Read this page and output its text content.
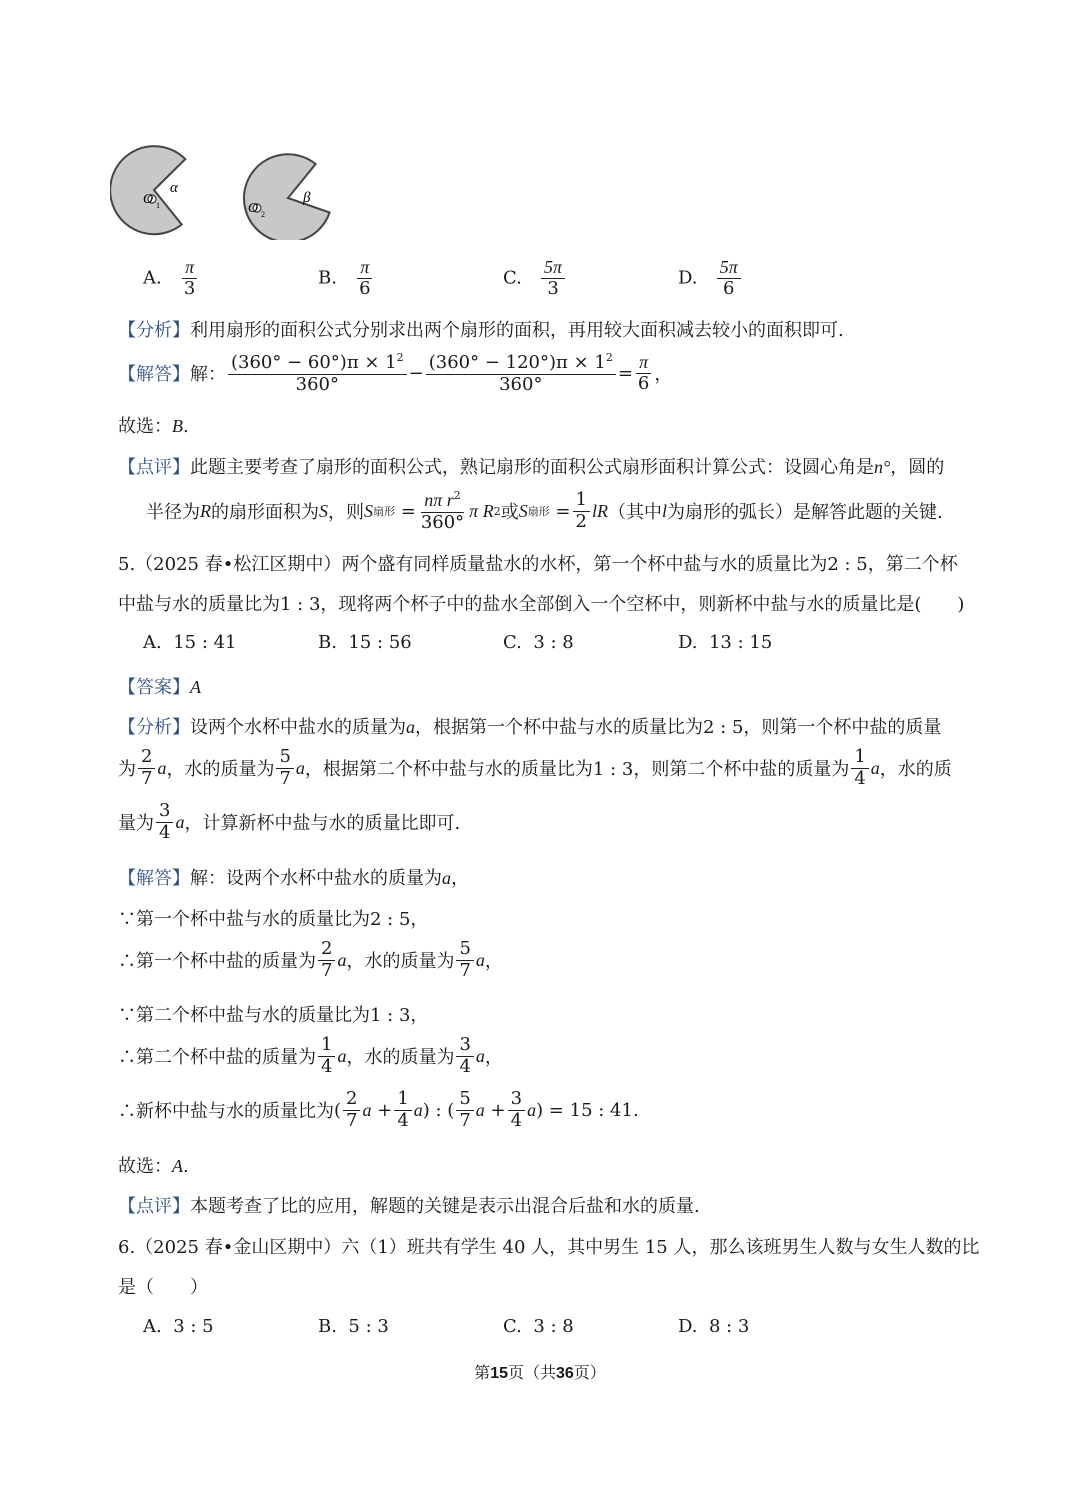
O
O
1
2
α
β
A. $\frac{\pi}{3}$	B. $\frac{\pi}{6}$	C. $\frac{5\pi}{3}$	D. $\frac{5\pi}{6}$
【分析】利用扇形的面积公式分别求出两个扇形的面积，再用较大面积减去较小的面积即可.
【解答】 解： $\frac{(360^\circ - 60^\circ)\pi \times 1^2}{360^\circ} - \frac{(360^\circ - 120^\circ)\pi \times 1^2}{360^\circ} = \frac{\pi}{6}$ ，
故选：B.
【点评】此题主要考查了扇形的面积公式，熟记扇形的面积公式扇形面积计算公式：设圆心角是n°，圆的
半径为 R 的扇形面积为 S ，则 S 扇形 = $\frac{n\pi r^2}{360^\circ}$ π R 2 或 S 扇形 = $\frac{1}{2}$ lR （其中 l 为扇形的弧长）是解答此题的关键.
5.（2025 春•松江区期中）两个盛有同样质量盐水的水杯，第一个杯中盐与水的质量比为2 : 5，第二个杯
中盐与水的质量比为1 : 3，现将两个杯子中的盐水全部倒入一个空杯中，则新杯中盐与水的质量比是(　　)
A. 15 : 41	B. 15 : 56	C. 3 : 8	D. 13 : 15
【答案】A
【分析】设两个水杯中盐水的质量为a，根据第一个杯中盐与水的质量比为2 : 5，则第一个杯中盐的质量
为 $\frac{2}{7}$ a ，水的质量为 $\frac{5}{7}$ a ，根据第二个杯中盐与水的质量比为1 : 3，则第二个杯中盐的质量为 $\frac{1}{4}$ a ，水的质
量为 $\frac{3}{4}$ a ，计算新杯中盐与水的质量比即可.
【解答】解：设两个水杯中盐水的质量为a，
∵第一个杯中盐与水的质量比为2 : 5，
∴第一个杯中盐的质量为 $\frac{2}{7}$ a ，水的质量为 $\frac{5}{7}$ a ，
∵第二个杯中盐与水的质量比为1 : 3，
∴第二个杯中盐的质量为 $\frac{1}{4}$ a ，水的质量为 $\frac{3}{4}$ a ，
∴新杯中盐与水的质量比为 ( $\frac{2}{7}$ a
+ $\frac{1}{4}$ a ) : ( $\frac{5}{7}$ a
+ $\frac{3}{4}$ a ) = 15 : 41 .
故选：A.
【点评】本题考查了比的应用，解题的关键是表示出混合后盐和水的质量.
6.（2025 春•金山区期中）六（1）班共有学生 40 人，其中男生 15 人，那么该班男生人数与女生人数的比
是（　　）
A. 3 : 5	B. 5 : 3	C. 3 : 8	D. 8 : 3
第15页（共36页）
